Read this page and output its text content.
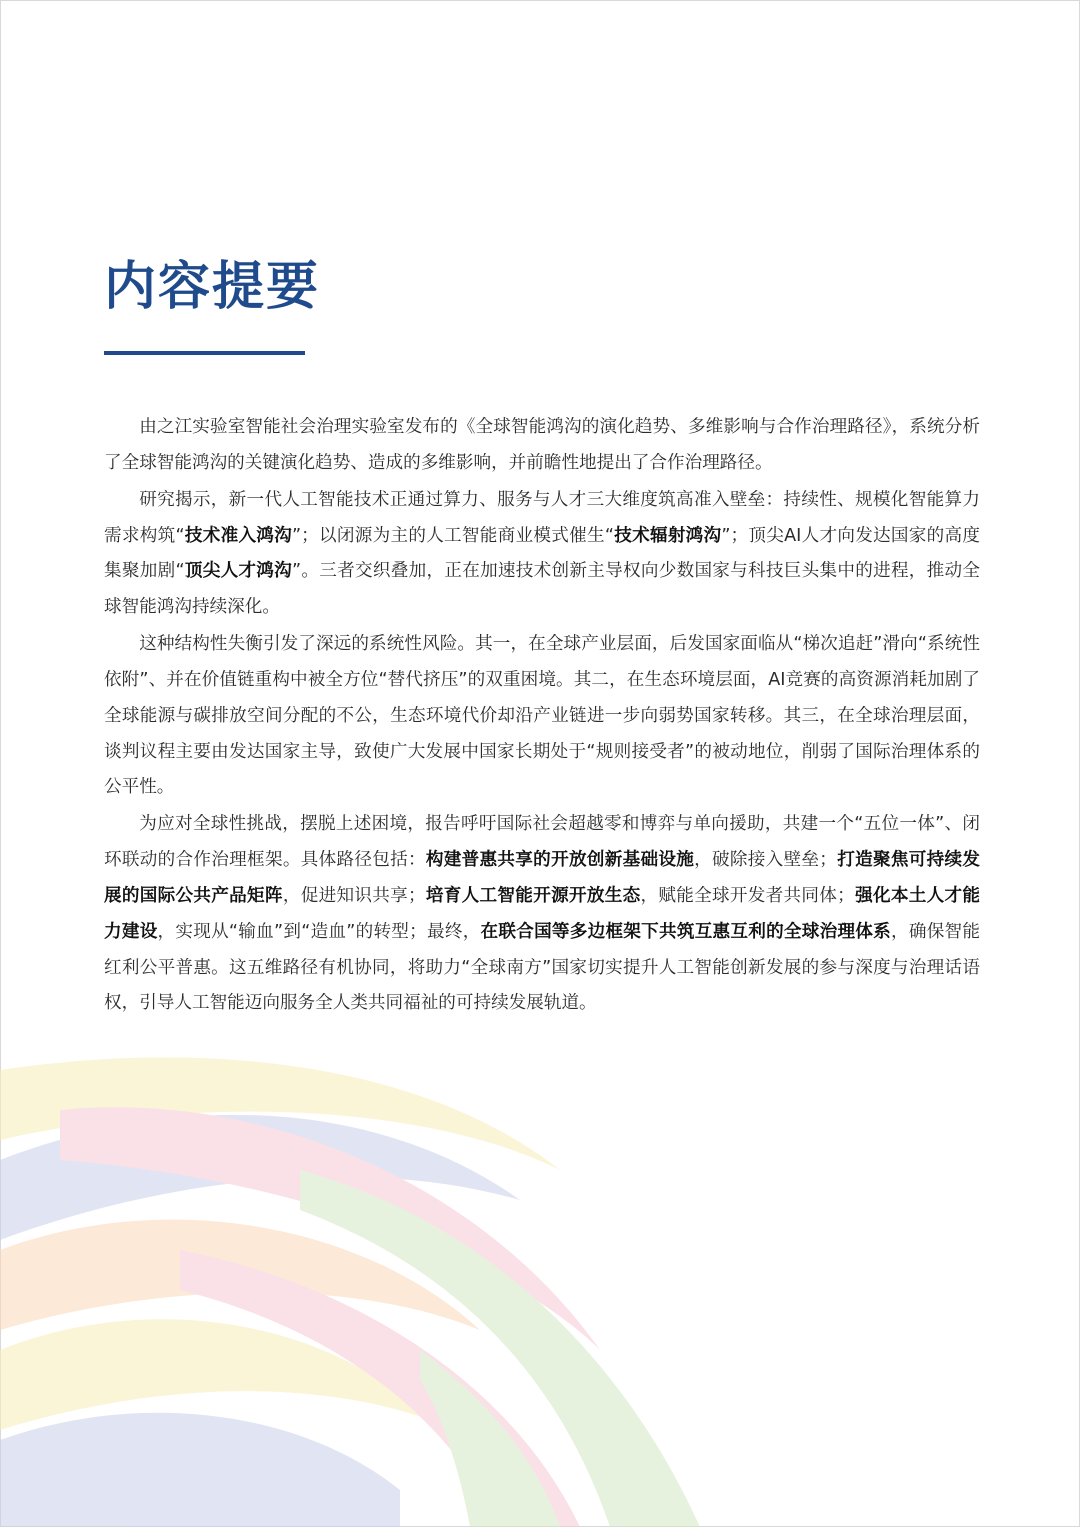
内容提要

由之江实验室智能社会治理实验室发布的《全球智能鸿沟的演化趋势、多维影响与合作治理路径》，系统分析了全球智能鸿沟的关键演化趋势、造成的多维影响，并前瞻性地提出了合作治理路径。

研究揭示，新一代人工智能技术正通过算力、服务与人才三大维度筑高准入壁垒：持续性、规模化智能算力需求构筑“技术准入鸿沟”；以闭源为主的人工智能商业模式催生“技术辐射鸿沟”；顶尖AI人才向发达国家的高度集聚加剧“顶尖人才鸿沟”。三者交织叠加，正在加速技术创新主导权向少数国家与科技巨头集中的进程，推动全球智能鸿沟持续深化。

这种结构性失衡引发了深远的系统性风险。其一，在全球产业层面，后发国家面临从“梯次追赶”滑向“系统性依附”、并在价值链重构中被全方位“替代挤压”的双重困境。其二，在生态环境层面，AI竞赛的高资源消耗加剧了全球能源与碳排放空间分配的不公，生态环境代价却沿产业链进一步向弱势国家转移。其三，在全球治理层面，谈判议程主要由发达国家主导，致使广大发展中国家长期处于“规则接受者”的被动地位，削弱了国际治理体系的公平性。

为应对全球性挑战，摆脱上述困境，报告呼吁国际社会超越零和博弈与单向援助，共建一个“五位一体”、闭环联动的合作治理框架。具体路径包括：构建普惠共享的开放创新基础设施，破除接入壁垒；打造聚焦可持续发展的国际公共产品矩阵，促进知识共享；培育人工智能开源开放生态，赋能全球开发者共同体；强化本土人才能力建设，实现从“输血”到“造血”的转型；最终，在联合国等多边框架下共筑互惠互利的全球治理体系，确保智能红利公平普惠。这五维路径有机协同，将助力“全球南方”国家切实提升人工智能创新发展的参与深度与治理话语权，引导人工智能迈向服务全人类共同福祉的可持续发展轨道。
